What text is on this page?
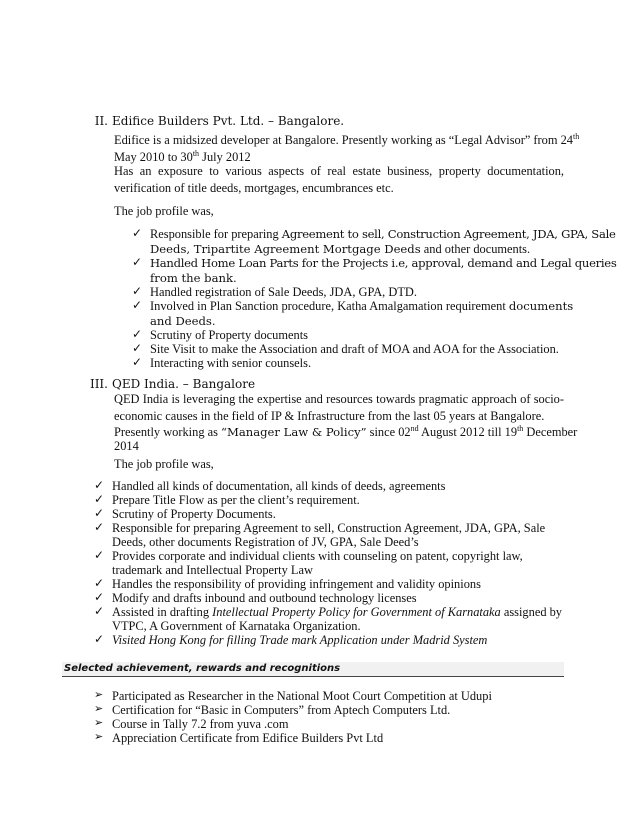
II. Edifice Builders Pvt. Ltd. – Bangalore.
Edifice is a midsized developer at Bangalore. Presently working as “Legal Advisor” from 24th
May 2010 to 30th July 2012
Has an exposure to various aspects of real estate business, property documentation, verification of title deeds, mortgages, encumbrances etc.
The job profile was,
✓ Responsible for preparing Agreement to sell, Construction Agreement, JDA, GPA, Sale
Deeds, Tripartite Agreement Mortgage Deeds and other documents.
✓ Handled Home Loan Parts for the Projects i.e, approval, demand and Legal queries
from the bank.
✓ Handled registration of Sale Deeds, JDA, GPA, DTD.
✓ Involved in Plan Sanction procedure, Katha Amalgamation requirement documents
and Deeds.
✓ Scrutiny of Property documents
✓ Site Visit to make the Association and draft of MOA and AOA for the Association.
✓ Interacting with senior counsels.
III. QED India. – Bangalore
QED India is leveraging the expertise and resources towards pragmatic approach of socio-economic causes in the field of IP & Infrastructure from the last 05 years at Bangalore.
Presently working as “Manager Law & Policy” since 02nd August 2012 till 19th December
2014
The job profile was,
✓ Handled all kinds of documentation, all kinds of deeds, agreements
✓ Prepare Title Flow as per the client’s requirement.
✓ Scrutiny of Property Documents.
✓ Responsible for preparing Agreement to sell, Construction Agreement, JDA, GPA, Sale
Deeds, other documents Registration of JV, GPA, Sale Deed’s
✓ Provides corporate and individual clients with counseling on patent, copyright law,
trademark and Intellectual Property Law
✓ Handles the responsibility of providing infringement and validity opinions
✓ Modify and drafts inbound and outbound technology licenses
✓ Assisted in drafting Intellectual Property Policy for Government of Karnataka assigned by
VTPC, A Government of Karnataka Organization.
✓ Visited Hong Kong for filling Trade mark Application under Madrid System
Selected achievement, rewards and recognitions
➢ Participated as Researcher in the National Moot Court Competition at Udupi
➢ Certification for “Basic in Computers” from Aptech Computers Ltd.
➢ Course in Tally 7.2 from yuva .com
➢ Appreciation Certificate from Edifice Builders Pvt Ltd
